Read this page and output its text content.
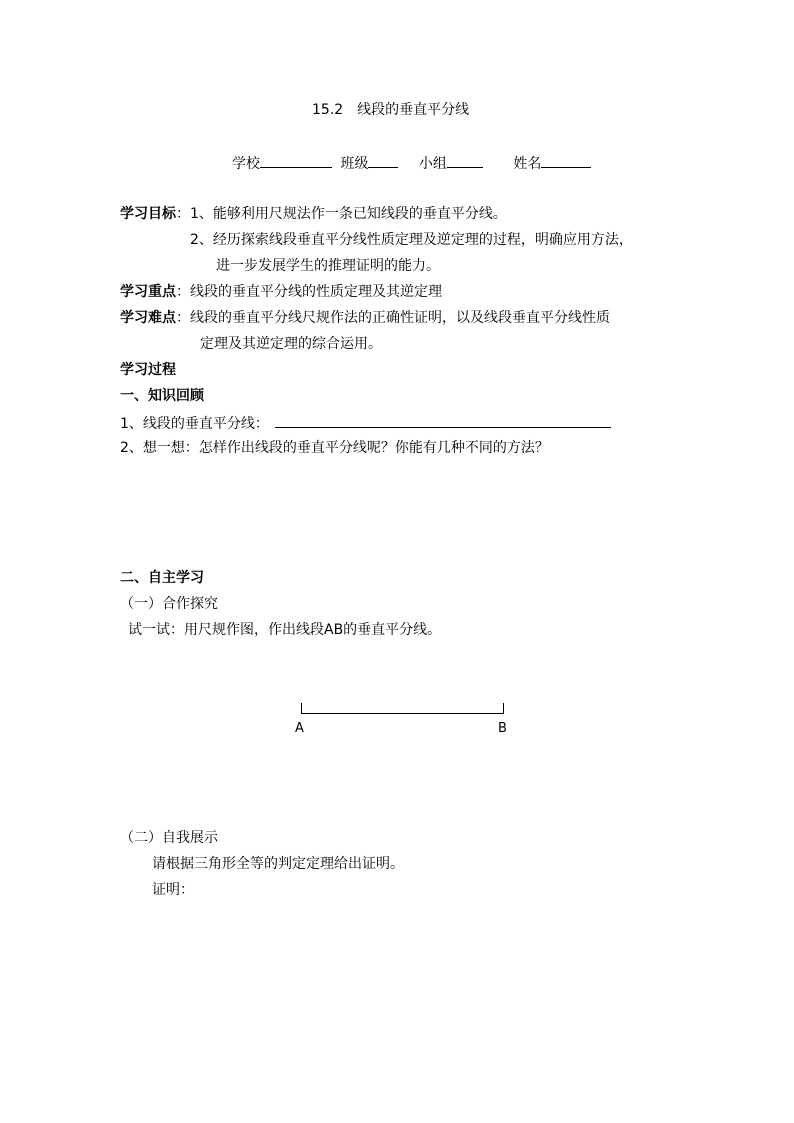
15.2　线段的垂直平分线
学校	班级	小组	姓名
学习目标：1、能够利用尺规法作一条已知线段的垂直平分线。
2、经历探索线段垂直平分线性质定理及逆定理的过程，明确应用方法，
进一步发展学生的推理证明的能力。
学习重点：线段的垂直平分线的性质定理及其逆定理
学习难点：线段的垂直平分线尺规作法的正确性证明，以及线段垂直平分线性质
定理及其逆定理的综合运用。
学习过程
一、知识回顾
1、线段的垂直平分线：
2、想一想：怎样作出线段的垂直平分线呢？你能有几种不同的方法？
二、自主学习
（一）合作探究
试一试：用尺规作图，作出线段AB的垂直平分线。
A	B
（二）自我展示
请根据三角形全等的判定定理给出证明。
证明：
